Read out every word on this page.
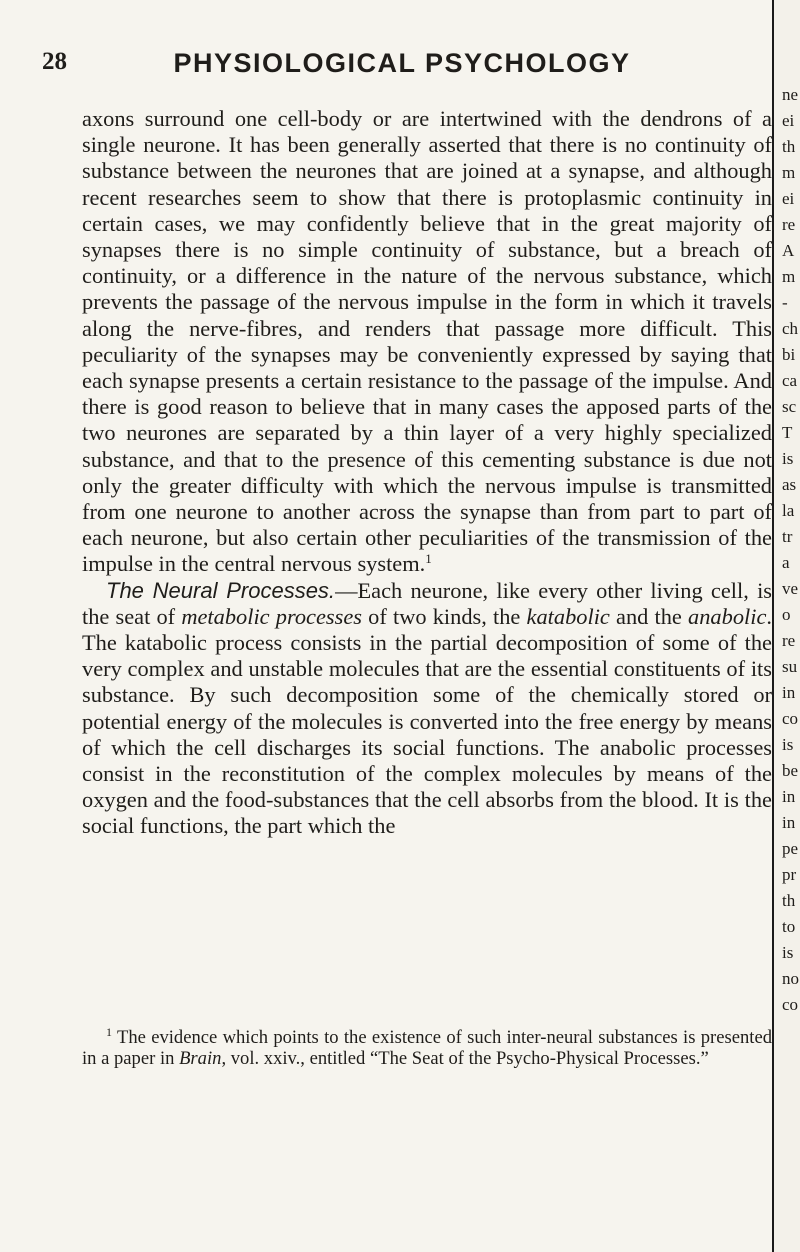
28	PHYSIOLOGICAL PSYCHOLOGY

axons surround one cell-body or are intertwined with the dendrons of a single neurone. It has been generally asserted that there is no continuity of substance between the neurones that are joined at a synapse, and although recent researches seem to show that there is protoplasmic continuity in certain cases, we may confidently believe that in the great majority of synapses there is no simple continuity of substance, but a breach of continuity, or a difference in the nature of the nervous substance, which prevents the passage of the nervous impulse in the form in which it travels along the nerve-fibres, and renders that passage more difficult. This peculiarity of the synapses may be conveniently expressed by saying that each synapse presents a certain resistance to the passage of the impulse. And there is good reason to believe that in many cases the apposed parts of the two neurones are separated by a thin layer of a very highly specialized substance, and that to the presence of this cementing substance is due not only the greater difficulty with which the nervous impulse is transmitted from one neurone to another across the synapse than from part to part of each neurone, but also certain other peculiarities of the transmission of the impulse in the central nervous system.$^1$

The Neural Processes.—Each neurone, like every other living cell, is the seat of metabolic processes of two kinds, the katabolic and the anabolic. The katabolic process consists in the partial decomposition of some of the very complex and unstable molecules that are the essential constituents of its substance. By such decomposition some of the chemically stored or potential energy of the molecules is converted into the free energy by means of which the cell discharges its social functions. The anabolic processes consist in the reconstitution of the complex molecules by means of the oxygen and the food-substances that the cell absorbs from the blood. It is the social functions, the part which the

$^1$ The evidence which points to the existence of such inter-neural substances is presented in a paper in Brain, vol. xxiv., entitled “The Seat of the Psycho-Physical Processes.”
ne
ei
th
m
ei
re
A
m
-
ch
bi
ca
sc
T
is
as
la
tr
a
ve
o
re
su
in
co
is
be
in
in
pe
pr
th
to
is
no
co
